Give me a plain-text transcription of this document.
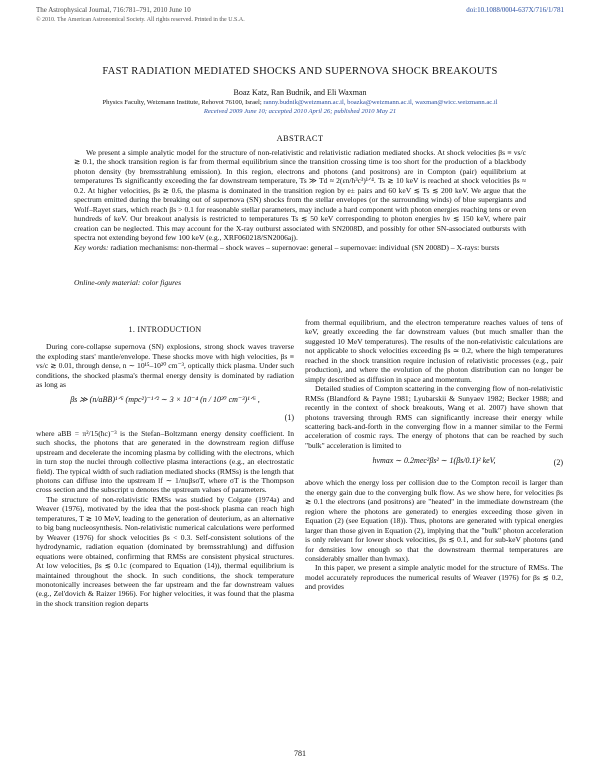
The Astrophysical Journal, 716:781–791, 2010 June 10	doi:10.1088/0004-637X/716/1/781
© 2010. The American Astronomical Society. All rights reserved. Printed in the U.S.A.
FAST RADIATION MEDIATED SHOCKS AND SUPERNOVA SHOCK BREAKOUTS
Boaz Katz, Ran Budnik, and Eli Waxman
Physics Faculty, Weizmann Institute, Rehovot 76100, Israel; ranny.budnik@weizmann.ac.il, boazka@weizmann.ac.il, waxman@wicc.weizmann.ac.il
Received 2009 June 10; accepted 2010 April 26; published 2010 May 21
ABSTRACT

We present a simple analytic model for the structure of non-relativistic and relativistic radiation mediated shocks. At shock velocities βs ≡ vs/c ≳ 0.1, the shock transition region is far from thermal equilibrium since the transition crossing time is too short for the production of a blackbody photon density (by bremsstrahlung emission). In this region, electrons and photons (and positrons) are in Compton (pair) equilibrium at temperatures Ts significantly exceeding the far downstream temperature, Ts ≫ Td ≈ 2(εn/ħ³c³)¹ᐟ⁴. Ts ≳ 10 keV is reached at shock velocities βs ≈ 0.2. At higher velocities, βs ≳ 0.6, the plasma is dominated in the transition region by e± pairs and 60 keV ≲ Ts ≲ 200 keV. We argue that the spectrum emitted during the breaking out of supernova (SN) shocks from the stellar envelopes (or the surrounding winds) of blue supergiants and Wolf–Rayet stars, which reach βs > 0.1 for reasonable stellar parameters, may include a hard component with photon energies reaching tens or even hundreds of keV. Our breakout analysis is restricted to temperatures Ts ≲ 50 keV corresponding to photon energies hν ≲ 150 keV, where pair creation can be neglected. This may account for the X-ray outburst associated with SN2008D, and possibly for other SN-associated outbursts with spectra not extending beyond few 100 keV (e.g., XRF060218/SN2006aj).

Key words: radiation mechanisms: non-thermal – shock waves – supernovae: general – supernovae: individual (SN 2008D) – X-rays: bursts

Online-only material: color figures
1. INTRODUCTION

During core-collapse supernova (SN) explosions, strong shock waves traverse the exploding stars' mantle/envelope. These shocks move with high velocities, βs ≡ vs/c ≳ 0.01, through dense, n ∼ 10¹⁵–10²⁰ cm⁻³, optically thick plasma. Under such conditions, the shocked plasma's thermal energy density is dominated by radiation as long as

βs ≫ (n/aBB)¹ᐟ⁶ (mpc²)⁻¹ᐟ² ∼ 3 × 10⁻⁴ (n / 10²⁰ cm⁻³)¹ᐟ⁶ ,
(1)

where aBB = π²/15(ħc)⁻³ is the Stefan–Boltzmann energy density coefficient. In such shocks, the photons that are generated in the downstream region diffuse upstream and decelerate the incoming plasma by colliding with the electrons, which in turn stop the nuclei through collective plasma interactions (e.g., an electrostatic field). The typical width of such radiation mediated shocks (RMSs) is the length that photons can diffuse into the upstream lf ∼ 1/nuβsσT, where σT is the Thompson cross section and the subscript u denotes the upstream values of parameters.

The structure of non-relativistic RMSs was studied by Colgate (1974a) and Weaver (1976), motivated by the idea that the post-shock plasma can reach high temperatures, T ≳ 10 MeV, leading to the generation of deuterium, as an alternative to big bang nucleosynthesis. Non-relativistic numerical calculations were performed by Weaver (1976) for shock velocities βs < 0.3. Self-consistent solutions of the hydrodynamic, radiation equation (dominated by bremsstrahlung) and diffusion equations were obtained, confirming that RMSs are consistent physical structures. At low velocities, βs ≲ 0.1c (compared to Equation (14)), thermal equilibrium is maintained throughout the shock. In such conditions, the shock temperature monotonically increases between the far upstream and the far downstream values (e.g., Zel'dovich & Raizer 1966). For higher velocities, it was found that the plasma in the shock transition region departs

from thermal equilibrium, and the electron temperature reaches values of tens of keV, greatly exceeding the far downstream values (but much smaller than the suggested 10 MeV temperatures). The results of the non-relativistic calculations are not applicable to shock velocities exceeding βs ≃ 0.2, where the high temperatures reached in the shock transition require inclusion of relativistic processes (e.g., pair production), and where the evolution of the photon distribution can no longer be simply described as diffusion in space and momentum.

Detailed studies of Compton scattering in the converging flow of non-relativistic RMSs (Blandford & Payne 1981; Lyubarskii & Sunyaev 1982; Becker 1988; and recently in the context of shock breakouts, Wang et al. 2007) have shown that photons traversing through RMS can significantly increase their energy while scattering back-and-forth in the converging flow in a manner similar to the Fermi acceleration of cosmic rays. The energy of photons that can be reached by such "bulk" acceleration is limited to

hνmax ∼ 0.2mec²βs² ∼ 1(βs/0.1)² keV,	(2)

above which the energy loss per collision due to the Compton recoil is larger than the energy gain due to the converging bulk flow. As we show here, for velocities βs ≳ 0.1 the electrons (and positrons) are "heated" in the immediate downstream (the region where the photons are generated) to energies exceeding those given in Equation (2) (see Equation (18)). Thus, photons are generated with typical energies larger than those given in Equation (2), implying that the "bulk" photon acceleration is only relevant for lower shock velocities, βs ≲ 0.1, and for sub-keV photons (and for densities low enough so that the downstream thermal temperatures are considerably smaller than hνmax).

In this paper, we present a simple analytic model for the structure of RMSs. The model accurately reproduces the numerical results of Weaver (1976) for βs ≲ 0.2, and provides

781
